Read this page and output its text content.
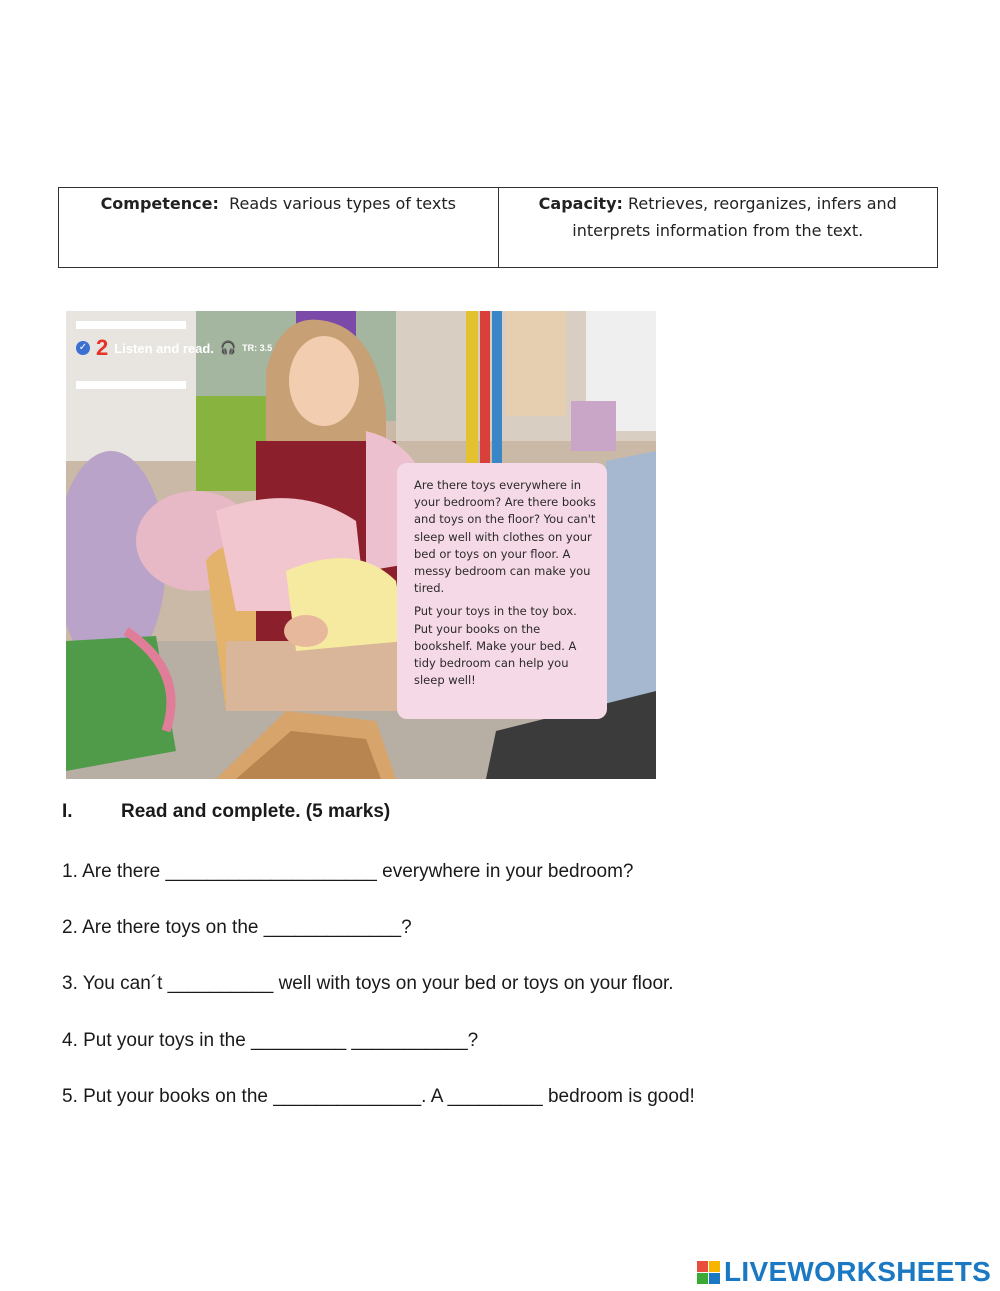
Competence: Reads various types of texts	Capacity: Retrieves, reorganizes, infers and interprets information from the text.
✓ 2 Listen and read. 🎧 TR: 3.5

Are there toys everywhere in your bedroom? Are there books and toys on the floor? You can't sleep well with clothes on your bed or toys on your floor. A messy bedroom can make you tired.

Put your toys in the toy box. Put your books on the bookshelf. Make your bed. A tidy bedroom can help you sleep well!

I.	Read and complete. (5 marks)
1. Are there ____________________ everywhere in your bedroom?
2. Are there toys on the _____________?
3. You can´t __________ well with toys on your bed or toys on your floor.
4. Put your toys in the _________ ___________?
5. Put your books on the ______________. A _________ bedroom is good!
LIVEWORKSHEETS
